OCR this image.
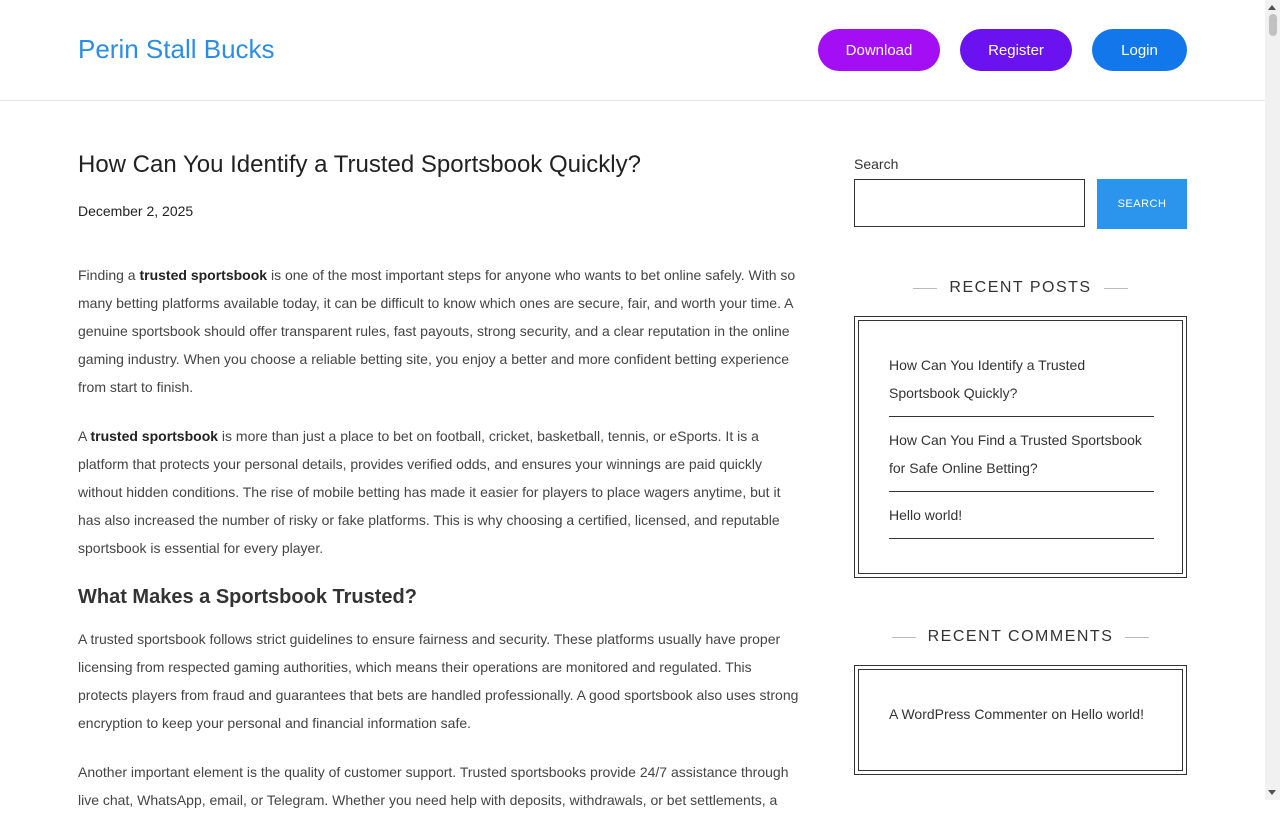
Perin Stall Bucks	Download	Register	Login
How Can You Identify a Trusted Sportsbook Quickly?
December 2, 2025

Finding a trusted sportsbook is one of the most important steps for anyone who wants to bet online safely. With so many betting platforms available today, it can be difficult to know which ones are secure, fair, and worth your time. A genuine sportsbook should offer transparent rules, fast payouts, strong security, and a clear reputation in the online gaming industry. When you choose a reliable betting site, you enjoy a better and more confident betting experience from start to finish.

A trusted sportsbook is more than just a place to bet on football, cricket, basketball, tennis, or eSports. It is a platform that protects your personal details, provides verified odds, and ensures your winnings are paid quickly without hidden conditions. The rise of mobile betting has made it easier for players to place wagers anytime, but it has also increased the number of risky or fake platforms. This is why choosing a certified, licensed, and reputable sportsbook is essential for every player.

What Makes a Sportsbook Trusted?

A trusted sportsbook follows strict guidelines to ensure fairness and security. These platforms usually have proper licensing from respected gaming authorities, which means their operations are monitored and regulated. This protects players from fraud and guarantees that bets are handled professionally. A good sportsbook also uses strong encryption to keep your personal and financial information safe.

Another important element is the quality of customer support. Trusted sportsbooks provide 24/7 assistance through live chat, WhatsApp, email, or Telegram. Whether you need help with deposits, withdrawals, or bet settlements, a

Search
SEARCH
RECENT POSTS
How Can You Identify a Trusted Sportsbook Quickly?
How Can You Find a Trusted Sportsbook for Safe Online Betting?
Hello world!
RECENT COMMENTS
A WordPress Commenter on Hello world!
